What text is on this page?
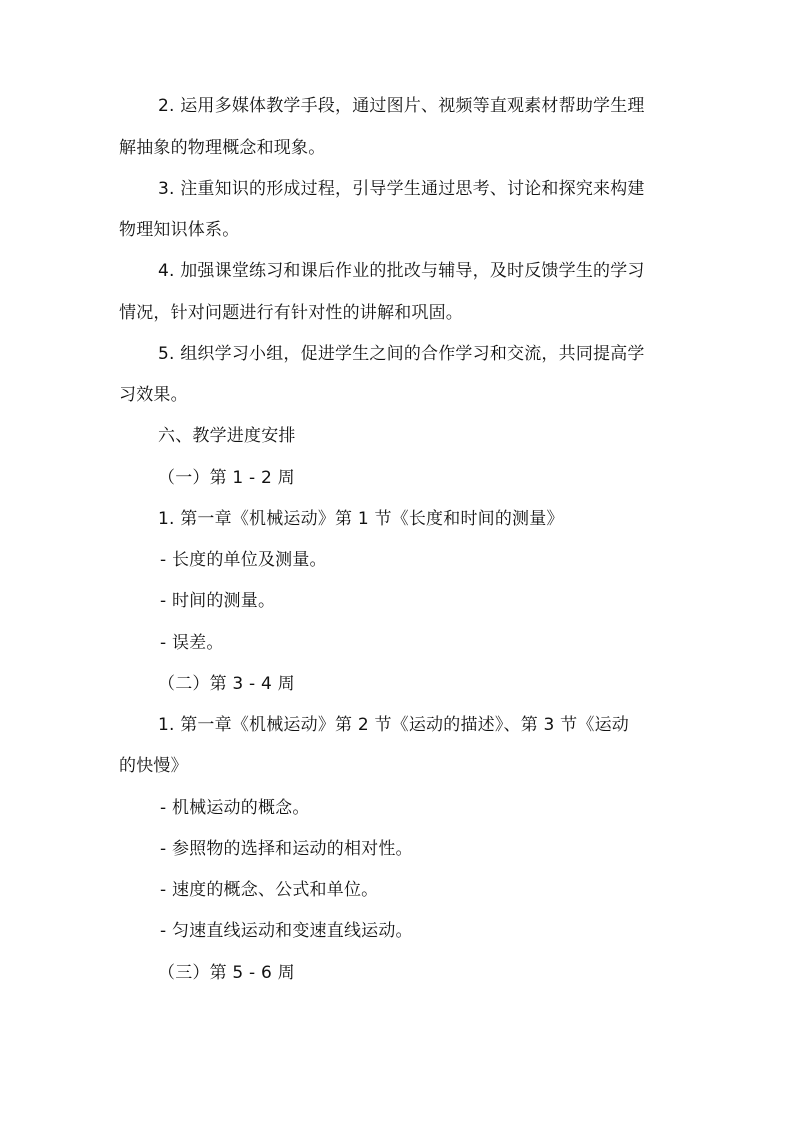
2. 运用多媒体教学手段，通过图片、视频等直观素材帮助学生理
解抽象的物理概念和现象。
3. 注重知识的形成过程，引导学生通过思考、讨论和探究来构建
物理知识体系。
4. 加强课堂练习和课后作业的批改与辅导，及时反馈学生的学习
情况，针对问题进行有针对性的讲解和巩固。
5. 组织学习小组，促进学生之间的合作学习和交流，共同提高学
习效果。
六、教学进度安排
（一）第 1 - 2 周
1. 第一章《机械运动》第 1 节《长度和时间的测量》
- 长度的单位及测量。
- 时间的测量。
- 误差。
（二）第 3 - 4 周
1. 第一章《机械运动》第 2 节《运动的描述》、第 3 节《运动
的快慢》
- 机械运动的概念。
- 参照物的选择和运动的相对性。
- 速度的概念、公式和单位。
- 匀速直线运动和变速直线运动。
（三）第 5 - 6 周
